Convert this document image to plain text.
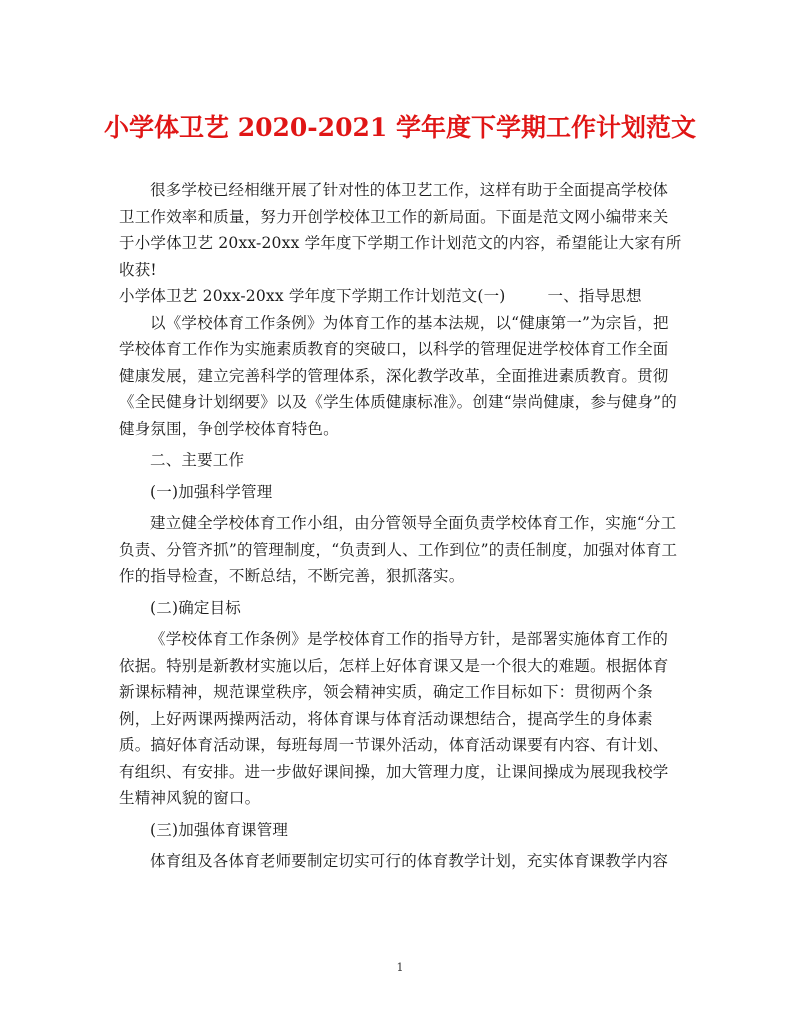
小学体卫艺 2020-2021 学年度下学期工作计划范文

很多学校已经相继开展了针对性的体卫艺工作，这样有助于全面提高学校体卫工作效率和质量，努力开创学校体卫工作的新局面。下面是范文网小编带来关于小学体卫艺 20xx-20xx 学年度下学期工作计划范文的内容，希望能让大家有所收获!

小学体卫艺 20xx-20xx 学年度下学期工作计划范文(一)	一、指导思想

以《学校体育工作条例》为体育工作的基本法规，以“健康第一”为宗旨，把学校体育工作作为实施素质教育的突破口，以科学的管理促进学校体育工作全面健康发展，建立完善科学的管理体系，深化教学改革，全面推进素质教育。贯彻《全民健身计划纲要》以及《学生体质健康标准》。创建“崇尚健康，参与健身”的健身氛围，争创学校体育特色。

二、主要工作

(一)加强科学管理

建立健全学校体育工作小组，由分管领导全面负责学校体育工作，实施“分工负责、分管齐抓”的管理制度，“负责到人、工作到位”的责任制度，加强对体育工作的指导检查，不断总结，不断完善，狠抓落实。

(二)确定目标

《学校体育工作条例》是学校体育工作的指导方针，是部署实施体育工作的依据。特别是新教材实施以后，怎样上好体育课又是一个很大的难题。根据体育新课标精神，规范课堂秩序，领会精神实质，确定工作目标如下：贯彻两个条例，上好两课两操两活动，将体育课与体育活动课想结合，提高学生的身体素质。搞好体育活动课，每班每周一节课外活动，体育活动课要有内容、有计划、有组织、有安排。进一步做好课间操，加大管理力度，让课间操成为展现我校学生精神风貌的窗口。

(三)加强体育课管理

体育组及各体育老师要制定切实可行的体育教学计划，充实体育课教学内容

1
